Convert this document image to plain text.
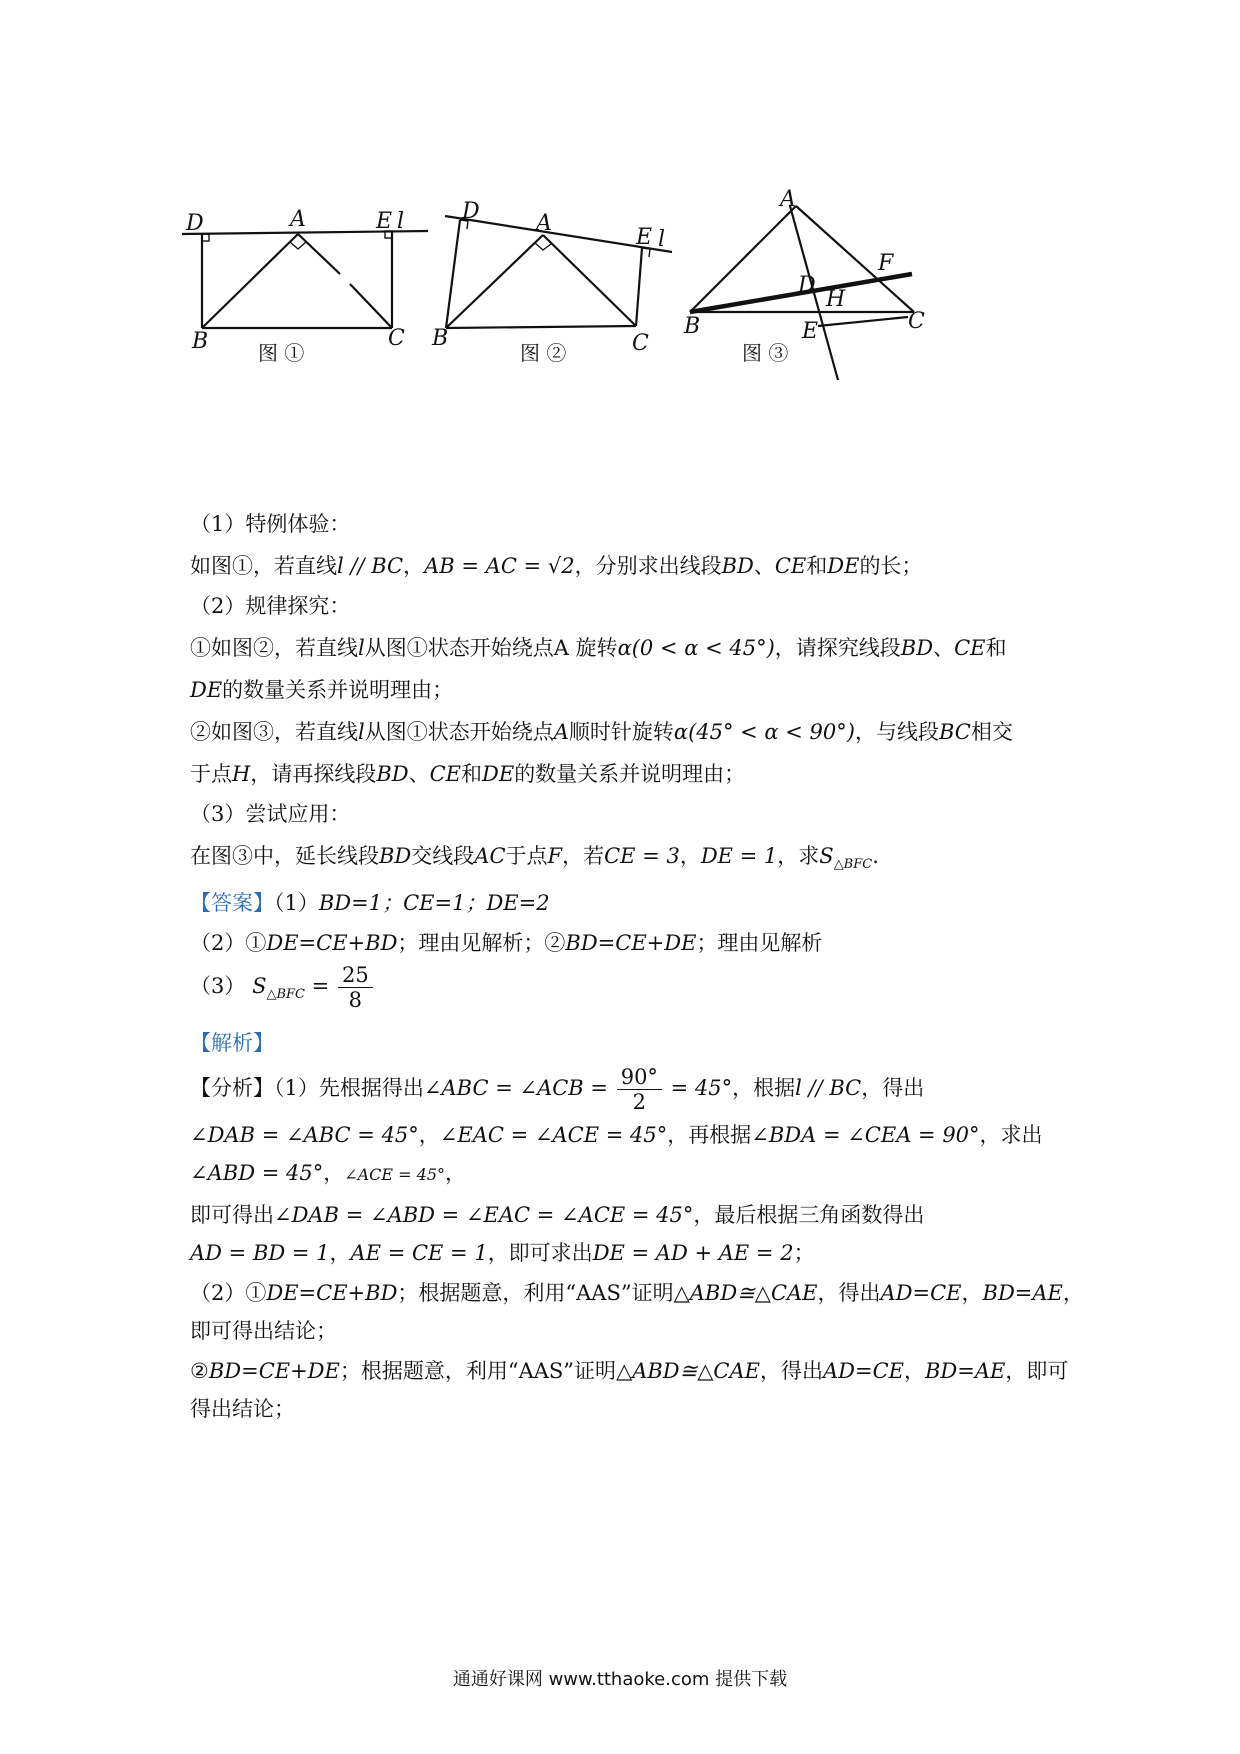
D	A	E l
B	C
图 ①
D	A
E l
B	C
图 ②
A
F
D
H
B	E	C
图 ③
（1）特例体验：
如图①，若直线l // BC，AB = AC = √2，分别求出线段BD、CE和DE的长；
（2）规律探究：
①如图②，若直线l从图①状态开始绕点A 旋转α(0 < α < 45°)，请探究线段BD、CE和
DE的数量关系并说明理由；
②如图③，若直线l从图①状态开始绕点A顺时针旋转α(45° < α < 90°)，与线段BC相交
于点H，请再探线段BD、CE和DE的数量关系并说明理由；
（3）尝试应用：
在图③中，延长线段BD交线段AC于点F，若CE = 3，DE = 1，求$S_{\triangle BFC}$.
【答案】（1）BD=1；CE=1；DE=2
（2）①DE=CE+BD；理由见解析；②BD=CE+DE；理由见解析
（3） $S_{\triangle BFC} = \frac{25}{8}$
【解析】
【分析】（1）先根据得出∠ABC = ∠ACB = $\frac{90^\circ}{2} = 45^\circ$，根据l // BC，得出
∠DAB = ∠ABC = 45°，∠EAC = ∠ACE = 45°，再根据∠BDA = ∠CEA = 90°，求出
∠ABD = 45°，∠ACE = 45°，
即可得出∠DAB = ∠ABD = ∠EAC = ∠ACE = 45°，最后根据三角函数得出
AD = BD = 1，AE = CE = 1，即可求出DE = AD + AE = 2；
（2）①DE=CE+BD；根据题意，利用“AAS”证明△ABD≅△CAE，得出AD=CE，BD=AE，
即可得出结论；
②BD=CE+DE；根据题意，利用“AAS”证明△ABD≅△CAE，得出AD=CE，BD=AE，即可
得出结论；
通通好课网 www.tthaoke.com 提供下载
